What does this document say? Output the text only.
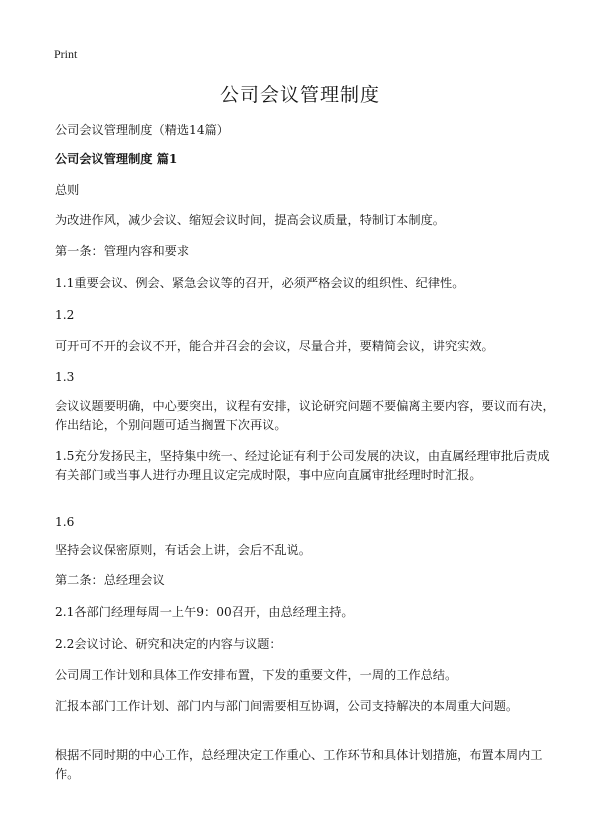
Print
公司会议管理制度

公司会议管理制度（精选14篇）

公司会议管理制度 篇1

总则

为改进作风，减少会议、缩短会议时间，提高会议质量，特制订本制度。

第一条：管理内容和要求

1.1重要会议、例会、紧急会议等的召开，必须严格会议的组织性、纪律性。

1.2

可开可不开的会议不开，能合并召会的会议，尽量合并，要精简会议，讲究实效。

1.3

会议议题要明确，中心要突出，议程有安排，议论研究问题不要偏离主要内容，要议而有决，作出结论，个别问题可适当搁置下次再议。

1.5充分发扬民主，坚持集中统一、经过论证有利于公司发展的决议，由直属经理审批后责成有关部门或当事人进行办理且议定完成时限，事中应向直属审批经理时时汇报。

1.6

坚持会议保密原则，有话会上讲，会后不乱说。

第二条：总经理会议

2.1各部门经理每周一上午9：00召开，由总经理主持。

2.2会议讨论、研究和决定的内容与议题：

公司周工作计划和具体工作安排布置，下发的重要文件，一周的工作总结。

汇报本部门工作计划、部门内与部门间需要相互协调，公司支持解决的本周重大问题。

根据不同时期的中心工作，总经理决定工作重心、工作环节和具体计划措施，布置本周内工作。
